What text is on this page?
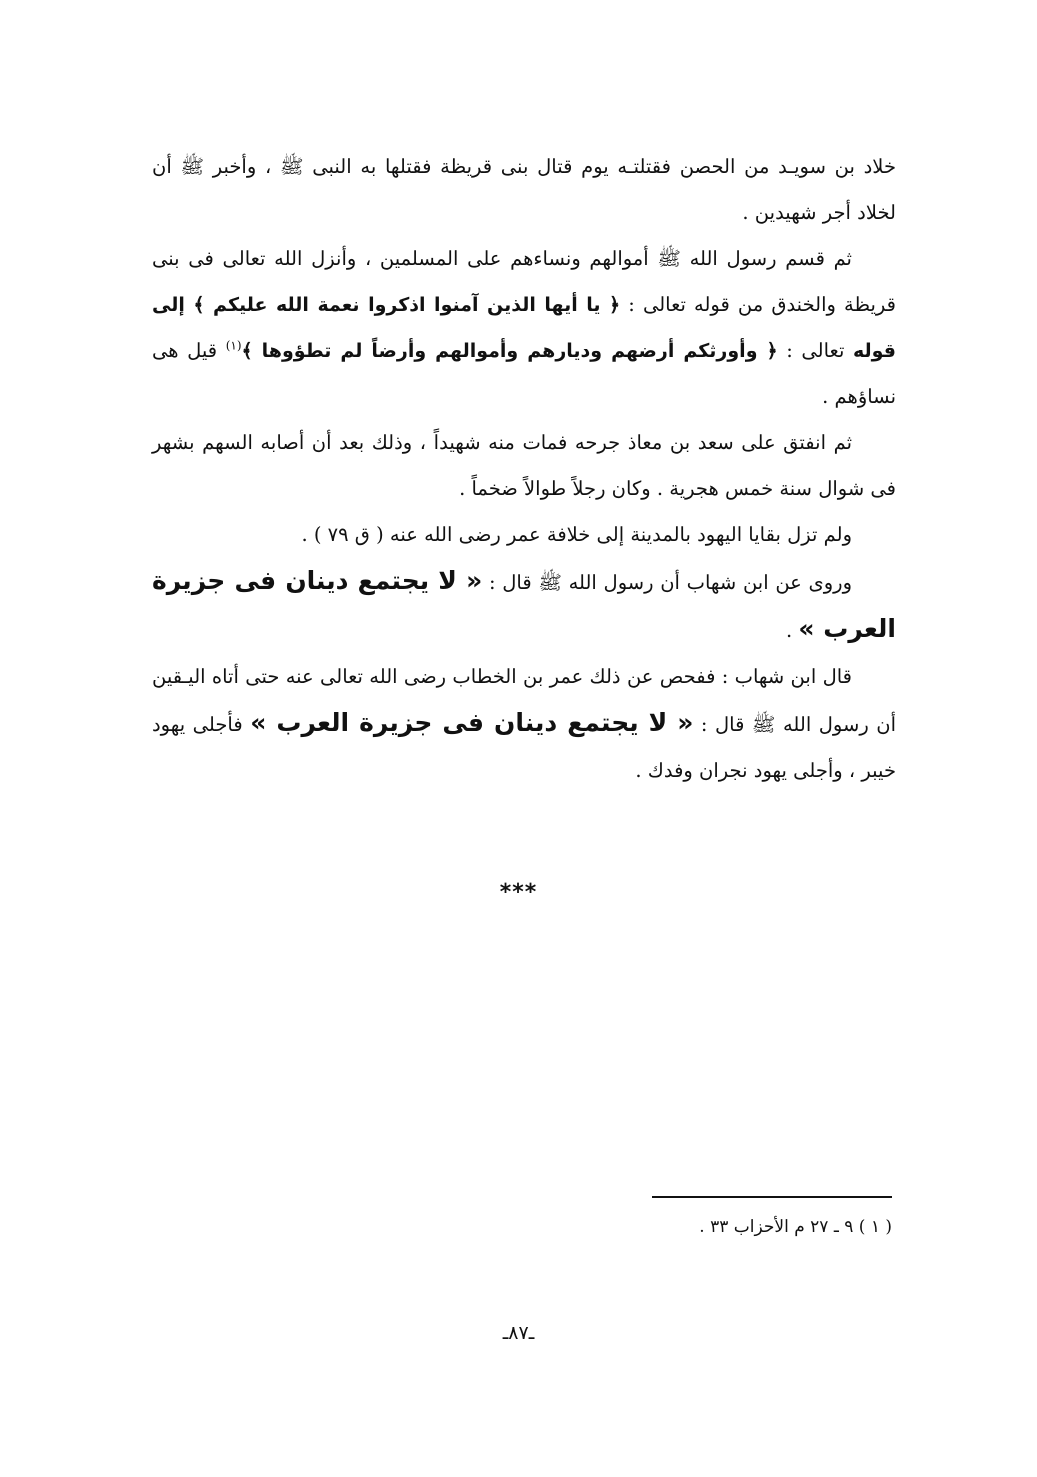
خلاد بن سويـد من الحصن فقتلتـه يوم قتال بنى قريظة فقتلها به النبى ﷺ ، وأخبر ﷺ أن لخلاد أجر شهيدين .

ثم قسم رسول الله ﷺ أموالهم ونساءهم على المسلمين ، وأنزل الله تعالى فى بنى قريظة والخندق من قوله تعالى : ﴿ يا أيها الذين آمنوا اذكروا نعمة الله عليكم ﴾ إلى قوله تعالى : ﴿ وأورثكم أرضهم وديارهم وأموالهم وأرضاً لم تطؤوها ﴾$^{(١)}$ قيل هى نساؤهم .

ثم انفتق على سعد بن معاذ جرحه فمات منه شهيداً ، وذلك بعد أن أصابه السهم بشهر فى شوال سنة خمس هجرية . وكان رجلاً طوالاً ضخماً .

ولم تزل بقايا اليهود بالمدينة إلى خلافة عمر رضى الله عنه ( ق ٧٩ ) .

وروى عن ابن شهاب أن رسول الله ﷺ قال : « لا يجتمع دينان فى جزيرة العرب » .

قال ابن شهاب : ففحص عن ذلك عمر بن الخطاب رضى الله تعالى عنه حتى أتاه اليـقين أن رسول الله ﷺ قال : « لا يجتمع دينان فى جزيرة العرب » فأجلى يهود خيبر ، وأجلى يهود نجران وفدك .

***
( ١ ) ٩ ـ ٢٧ م الأحزاب ٣٣ .
ـ٨٧ـ
